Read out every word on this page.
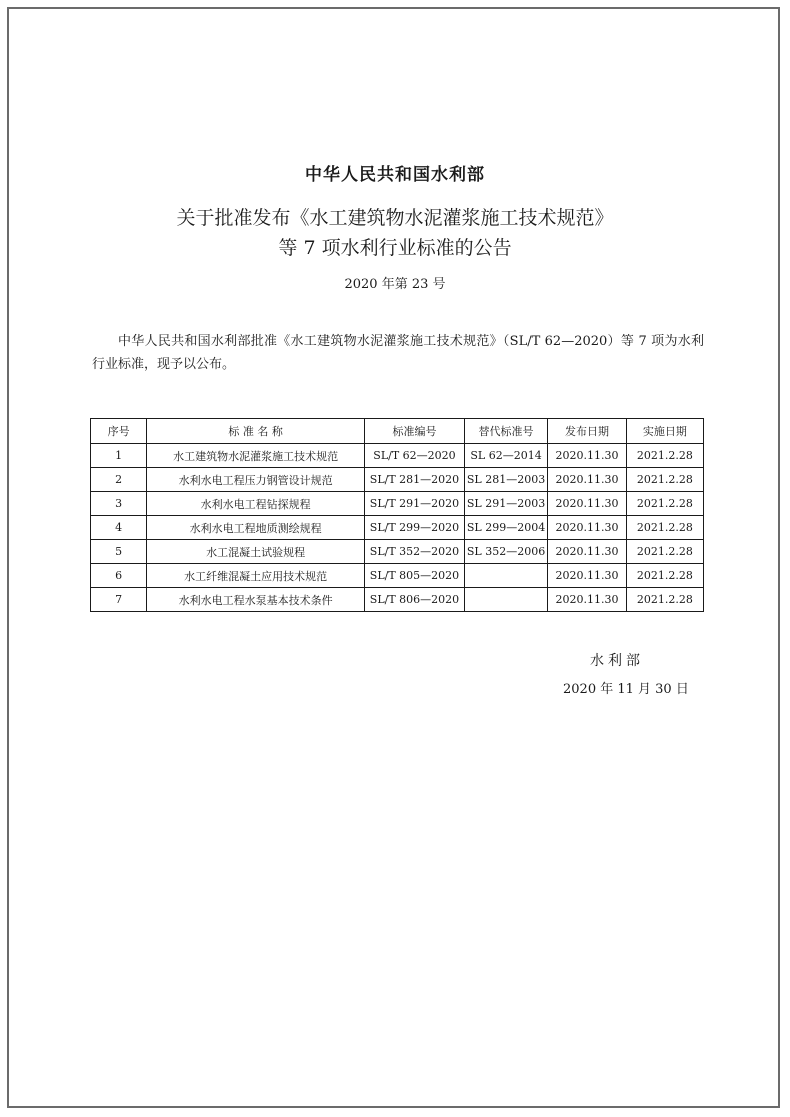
中华人民共和国水利部
关于批准发布《水工建筑物水泥灌浆施工技术规范》
等 7 项水利行业标准的公告
2020 年第 23 号
中华人民共和国水利部批准《水工建筑物水泥灌浆施工技术规范》（SL/T 62—2020）等 7 项为水利行业标准，现予以公布。
序号	标 准 名 称	标准编号	替代标准号	发布日期	实施日期
1	水工建筑物水泥灌浆施工技术规范	SL/T 62—2020	SL 62—2014	2020.11.30	2021.2.28
2	水利水电工程压力钢管设计规范	SL/T 281—2020	SL 281—2003	2020.11.30	2021.2.28
3	水利水电工程钻探规程	SL/T 291—2020	SL 291—2003	2020.11.30	2021.2.28
4	水利水电工程地质测绘规程	SL/T 299—2020	SL 299—2004	2020.11.30	2021.2.28
5	水工混凝土试验规程	SL/T 352—2020	SL 352—2006	2020.11.30	2021.2.28
6	水工纤维混凝土应用技术规范	SL/T 805—2020		2020.11.30	2021.2.28
7	水利水电工程水泵基本技术条件	SL/T 806—2020		2020.11.30	2021.2.28
水利部
2020 年 11 月 30 日
